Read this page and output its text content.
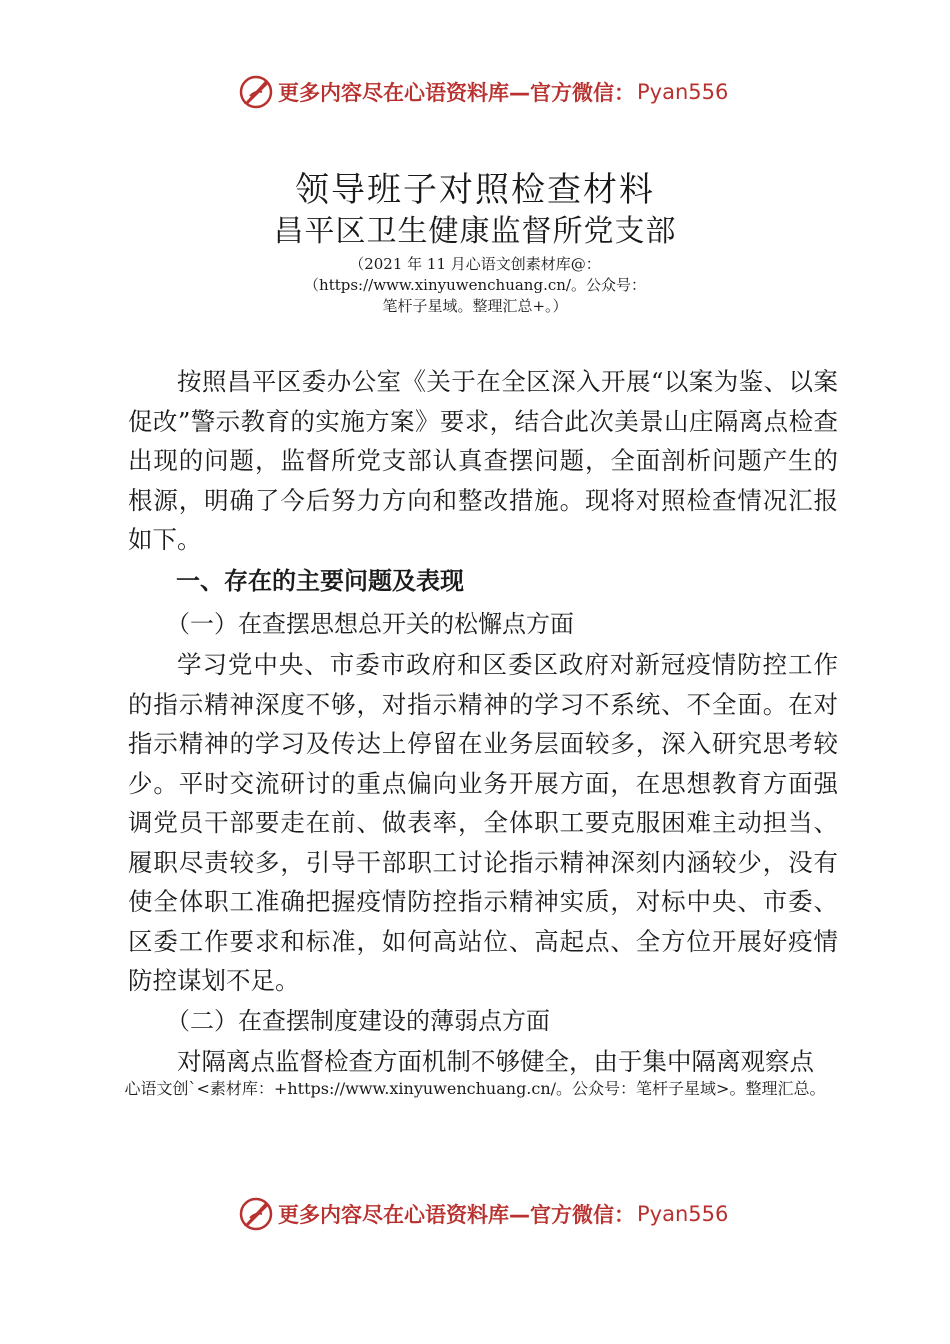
更多内容尽在心语资料库—官方微信： Pyan556
领导班子对照检查材料
昌平区卫生健康监督所党支部
（2021 年 11 月心语文创素材库@：
（https://www.xinyuwenchuang.cn/。公众号：
笔杆子星域。整理汇总+。）

按照昌平区委办公室《关于在全区深入开展“以案为鉴、以案促改”警示教育的实施方案》要求，结合此次美景山庄隔离点检查出现的问题，监督所党支部认真查摆问题，全面剖析问题产生的根源，明确了今后努力方向和整改措施。现将对照检查情况汇报如下。

一、存在的主要问题及表现
（一）在查摆思想总开关的松懈点方面

学习党中央、市委市政府和区委区政府对新冠疫情防控工作的指示精神深度不够，对指示精神的学习不系统、不全面。在对指示精神的学习及传达上停留在业务层面较多，深入研究思考较少。平时交流研讨的重点偏向业务开展方面，在思想教育方面强调党员干部要走在前、做表率，全体职工要克服困难主动担当、履职尽责较多，引导干部职工讨论指示精神深刻内涵较少，没有使全体职工准确把握疫情防控指示精神实质，对标中央、市委、区委工作要求和标准，如何高站位、高起点、全方位开展好疫情防控谋划不足。

（二）在查摆制度建设的薄弱点方面

对隔离点监督检查方面机制不够健全，由于集中隔离观察点

心语文创`<素材库：+https://www.xinyuwenchuang.cn/。公众号：笔杆子星域>。整理汇总。
更多内容尽在心语资料库—官方微信： Pyan556
